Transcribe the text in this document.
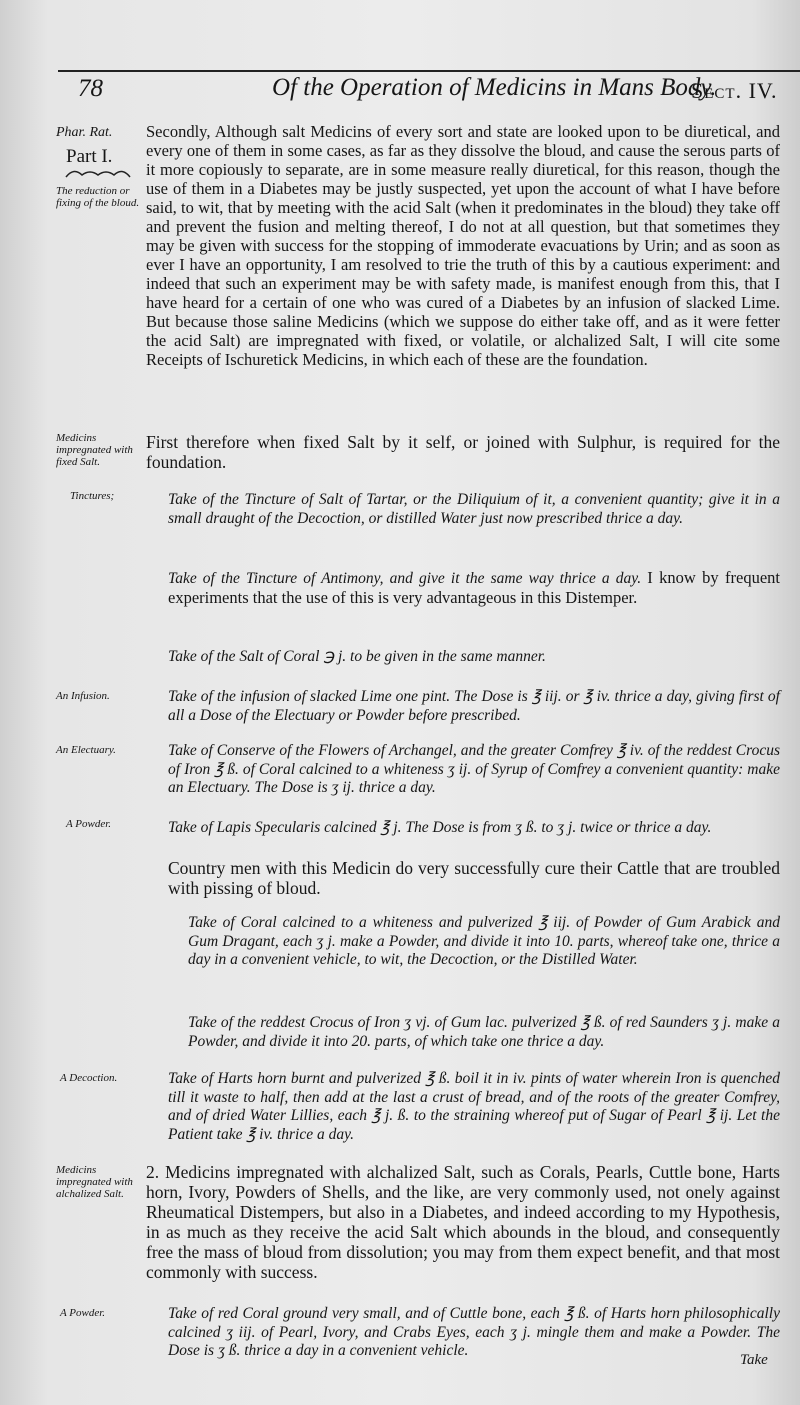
78	Of the Operation of Medicins in Mans Body.
Sect. IV.
Phar. Rat.
Part I.
The reduction or fixing of the bloud.
Medicins impregnated with fixed Salt.
Tinctures;
An Infusion.
An Electuary.
A Powder.
A Decoction.
Medicins impregnated with alchalized Salt.
A Powder.

Secondly, Although salt Medicins of every sort and state are looked upon to be diuretical, and every one of them in some cases, as far as they dissolve the bloud, and cause the serous parts of it more copiously to separate, are in some measure really diuretical, for this reason, though the use of them in a Diabetes may be justly suspected, yet upon the account of what I have before said, to wit, that by meeting with the acid Salt (when it predominates in the bloud) they take off and prevent the fusion and melting thereof, I do not at all question, but that sometimes they may be given with success for the stopping of immoderate evacuations by Urin; and as soon as ever I have an opportunity, I am resolved to trie the truth of this by a cautious experiment: and indeed that such an experiment may be with safety made, is manifest enough from this, that I have heard for a certain of one who was cured of a Diabetes by an infusion of slacked Lime. But because those saline Medicins (which we suppose do either take off, and as it were fetter the acid Salt) are impregnated with fixed, or volatile, or alchalized Salt, I will cite some Receipts of Ischuretick Medicins, in which each of these are the foundation.

First therefore when fixed Salt by it self, or joined with Sulphur, is required for the foundation.

Take of the Tincture of Salt of Tartar, or the Diliquium of it, a convenient quantity; give it in a small draught of the Decoction, or distilled Water just now prescribed thrice a day.

Take of the Tincture of Antimony, and give it the same way thrice a day. I know by frequent experiments that the use of this is very advantageous in this Distemper.

Take of the Salt of Coral ℈ j. to be given in the same manner.

Take of the infusion of slacked Lime one pint. The Dose is ℥ iij. or ℥ iv. thrice a day, giving first of all a Dose of the Electuary or Powder before prescribed.

Take of Conserve of the Flowers of Archangel, and the greater Comfrey ℥ iv. of the reddest Crocus of Iron ℥ ß. of Coral calcined to a whiteness ʒ ij. of Syrup of Comfrey a convenient quantity: make an Electuary. The Dose is ʒ ij. thrice a day.

Take of Lapis Specularis calcined ℥ j. The Dose is from ʒ ß. to ʒ j. twice or thrice a day.

Country men with this Medicin do very successfully cure their Cattle that are troubled with pissing of bloud.

Take of Coral calcined to a whiteness and pulverized ℥ iij. of Powder of Gum Arabick and Gum Dragant, each ʒ j. make a Powder, and divide it into 10. parts, whereof take one, thrice a day in a convenient vehicle, to wit, the Decoction, or the Distilled Water.

Take of the reddest Crocus of Iron ʒ vj. of Gum lac. pulverized ℥ ß. of red Saunders ʒ j. make a Powder, and divide it into 20. parts, of which take one thrice a day.

Take of Harts horn burnt and pulverized ℥ ß. boil it in iv. pints of water wherein Iron is quenched till it waste to half, then add at the last a crust of bread, and of the roots of the greater Comfrey, and of dried Water Lillies, each ℥ j. ß. to the straining whereof put of Sugar of Pearl ℥ ij. Let the Patient take ℥ iv. thrice a day.

2. Medicins impregnated with alchalized Salt, such as Corals, Pearls, Cuttle bone, Harts horn, Ivory, Powders of Shells, and the like, are very commonly used, not onely against Rheumatical Distempers, but also in a Diabetes, and indeed according to my Hypothesis, in as much as they receive the acid Salt which abounds in the bloud, and consequently free the mass of bloud from dissolution; you may from them expect benefit, and that most commonly with success.

Take of red Coral ground very small, and of Cuttle bone, each ℥ ß. of Harts horn philosophically calcined ʒ iij. of Pearl, Ivory, and Crabs Eyes, each ʒ j. mingle them and make a Powder. The Dose is ʒ ß. thrice a day in a convenient vehicle.

Take
